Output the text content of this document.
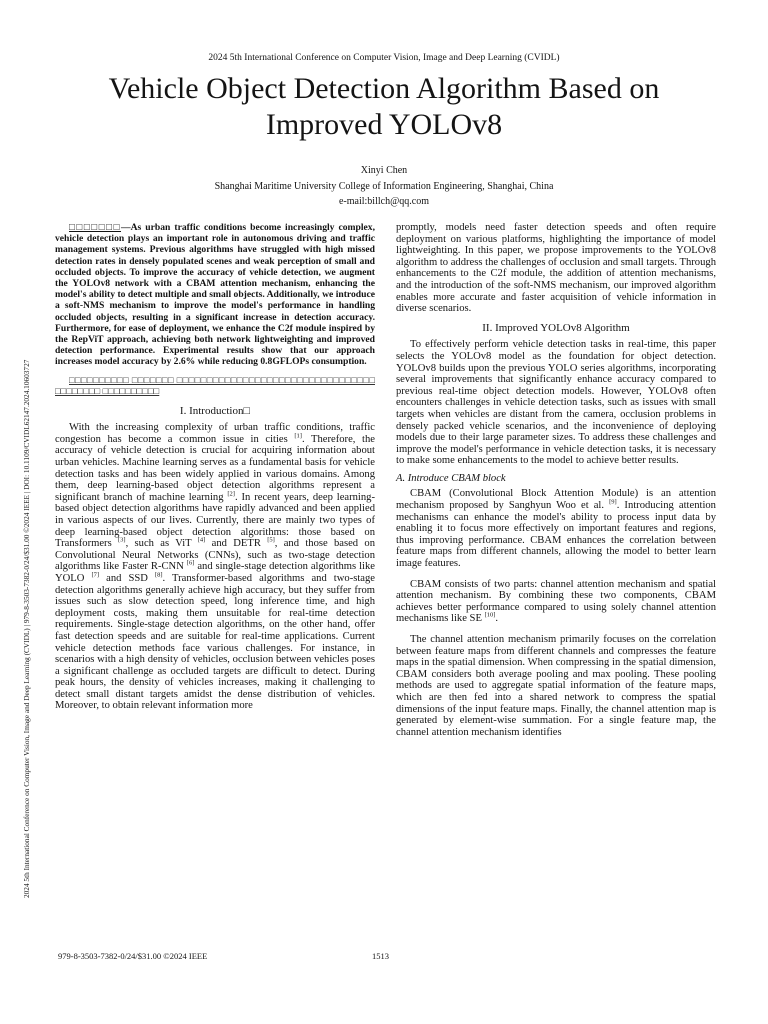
2024 5th International Conference on Computer Vision, Image and Deep Learning (CVIDL) | 979-8-3503-7382-0/24/$31.00 ©2024 IEEE | DOI: 10.1109/CVIDL62147.2024.10603727
2024 5th International Conference on Computer Vision, Image and Deep Learning (CVIDL)
Vehicle Object Detection Algorithm Based on
Improved YOLOv8
Xinyi Chen
Shanghai Maritime University College of Information Engineering, Shanghai, China
e-mail:billch@qq.com

□□□□□□□—As urban traffic conditions become increasingly complex, vehicle detection plays an important role in autonomous driving and traffic management systems. Previous algorithms have struggled with high missed detection rates in densely populated scenes and weak perception of small and occluded objects. To improve the accuracy of vehicle detection, we augment the YOLOv8 network with a CBAM attention mechanism, enhancing the model's ability to detect multiple and small objects. Additionally, we introduce a soft-NMS mechanism to improve the model's performance in handling occluded objects, resulting in a significant increase in detection accuracy. Furthermore, for ease of deployment, we enhance the C2f module inspired by the RepViT approach, achieving both network lightweighting and improved detection performance. Experimental results show that our approach increases model accuracy by 2.6% while reducing 0.8GFLOPs consumption.

□□□□□□□□□□ □□□□□□□ □□□□□□□□□□□□□□□□□□□□□□□□□□□□□□□□□ □□□□□□□□ □□□□□□□□□□

I. Introduction□

With the increasing complexity of urban traffic conditions, traffic congestion has become a common issue in cities [1]. Therefore, the accuracy of vehicle detection is crucial for acquiring information about urban vehicles. Machine learning serves as a fundamental basis for vehicle detection tasks and has been widely applied in various domains. Among them, deep learning-based object detection algorithms represent a significant branch of machine learning [2]. In recent years, deep learning-based object detection algorithms have rapidly advanced and been applied in various aspects of our lives. Currently, there are mainly two types of deep learning-based object detection algorithms: those based on Transformers [3], such as ViT [4] and DETR [5], and those based on Convolutional Neural Networks (CNNs), such as two-stage detection algorithms like Faster R-CNN [6] and single-stage detection algorithms like YOLO [7] and SSD [8]. Transformer-based algorithms and two-stage detection algorithms generally achieve high accuracy, but they suffer from issues such as slow detection speed, long inference time, and high deployment costs, making them unsuitable for real-time detection requirements. Single-stage detection algorithms, on the other hand, offer fast detection speeds and are suitable for real-time applications. Current vehicle detection methods face various challenges. For instance, in scenarios with a high density of vehicles, occlusion between vehicles poses a significant challenge as occluded targets are difficult to detect. During peak hours, the density of vehicles increases, making it challenging to detect small distant targets amidst the dense distribution of vehicles. Moreover, to obtain relevant information more

promptly, models need faster detection speeds and often require deployment on various platforms, highlighting the importance of model lightweighting. In this paper, we propose improvements to the YOLOv8 algorithm to address the challenges of occlusion and small targets. Through enhancements to the C2f module, the addition of attention mechanisms, and the introduction of the soft-NMS mechanism, our improved algorithm enables more accurate and faster acquisition of vehicle information in diverse scenarios.

II. Improved YOLOv8 Algorithm

To effectively perform vehicle detection tasks in real-time, this paper selects the YOLOv8 model as the foundation for object detection. YOLOv8 builds upon the previous YOLO series algorithms, incorporating several improvements that significantly enhance accuracy compared to previous real-time object detection models. However, YOLOv8 often encounters challenges in vehicle detection tasks, such as issues with small targets when vehicles are distant from the camera, occlusion problems in densely packed vehicle scenarios, and the inconvenience of deploying models due to their large parameter sizes. To address these challenges and improve the model's performance in vehicle detection tasks, it is necessary to make some enhancements to the model to achieve better results.

A. Introduce CBAM block

CBAM (Convolutional Block Attention Module) is an attention mechanism proposed by Sanghyun Woo et al. [9]. Introducing attention mechanisms can enhance the model's ability to process input data by enabling it to focus more effectively on important features and regions, thus improving performance. CBAM enhances the correlation between feature maps from different channels, allowing the model to better learn image features.

CBAM consists of two parts: channel attention mechanism and spatial attention mechanism. By combining these two components, CBAM achieves better performance compared to using solely channel attention mechanisms like SE [10].

The channel attention mechanism primarily focuses on the correlation between feature maps from different channels and compresses the feature maps in the spatial dimension. When compressing in the spatial dimension, CBAM considers both average pooling and max pooling. These pooling methods are used to aggregate spatial information of the feature maps, which are then fed into a shared network to compress the spatial dimensions of the input feature maps. Finally, the channel attention map is generated by element-wise summation. For a single feature map, the channel attention mechanism identifies

979-8-3503-7382-0/24/$31.00 ©2024 IEEE	1513
